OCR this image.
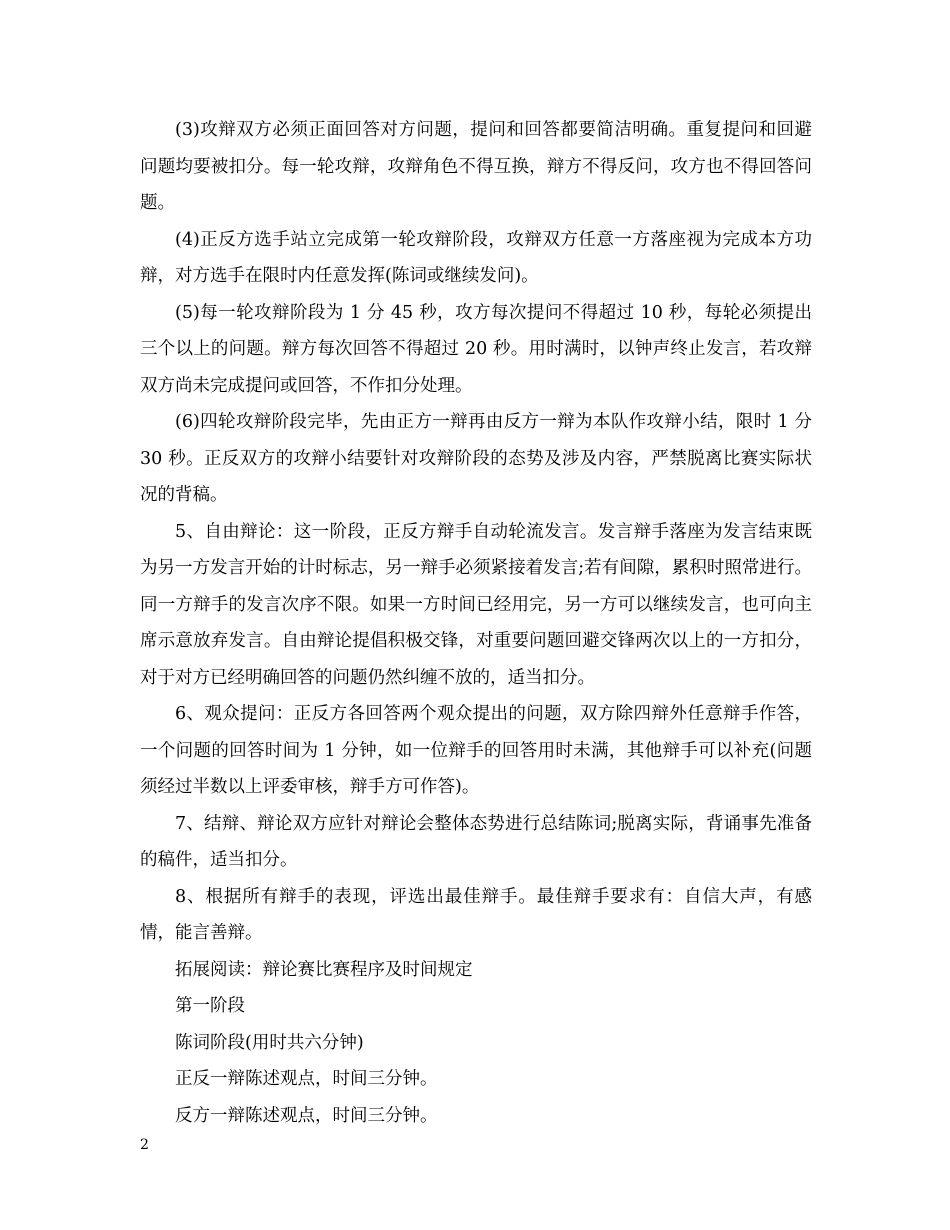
(3)攻辩双方必须正面回答对方问题，提问和回答都要简洁明确。重复提问和回避问题均要被扣分。每一轮攻辩，攻辩角色不得互换，辩方不得反问，攻方也不得回答问题。

(4)正反方选手站立完成第一轮攻辩阶段，攻辩双方任意一方落座视为完成本方功辩，对方选手在限时内任意发挥(陈词或继续发问)。

(5)每一轮攻辩阶段为 1 分 45 秒，攻方每次提问不得超过 10 秒，每轮必须提出三个以上的问题。辩方每次回答不得超过 20 秒。用时满时，以钟声终止发言，若攻辩双方尚未完成提问或回答，不作扣分处理。

(6)四轮攻辩阶段完毕，先由正方一辩再由反方一辩为本队作攻辩小结，限时 1 分 30 秒。正反双方的攻辩小结要针对攻辩阶段的态势及涉及内容，严禁脱离比赛实际状况的背稿。

5、自由辩论：这一阶段，正反方辩手自动轮流发言。发言辩手落座为发言结束既为另一方发言开始的计时标志，另一辩手必须紧接着发言;若有间隙，累积时照常进行。同一方辩手的发言次序不限。如果一方时间已经用完，另一方可以继续发言，也可向主席示意放弃发言。自由辩论提倡积极交锋，对重要问题回避交锋两次以上的一方扣分，对于对方已经明确回答的问题仍然纠缠不放的，适当扣分。

6、观众提问：正反方各回答两个观众提出的问题，双方除四辩外任意辩手作答，一个问题的回答时间为 1 分钟，如一位辩手的回答用时未满，其他辩手可以补充(问题须经过半数以上评委审核，辩手方可作答)。

7、结辩、辩论双方应针对辩论会整体态势进行总结陈词;脱离实际，背诵事先准备的稿件，适当扣分。

8、根据所有辩手的表现，评选出最佳辩手。最佳辩手要求有：自信大声，有感情，能言善辩。

拓展阅读：辩论赛比赛程序及时间规定

第一阶段

陈词阶段(用时共六分钟)

正反一辩陈述观点，时间三分钟。

反方一辩陈述观点，时间三分钟。

2
